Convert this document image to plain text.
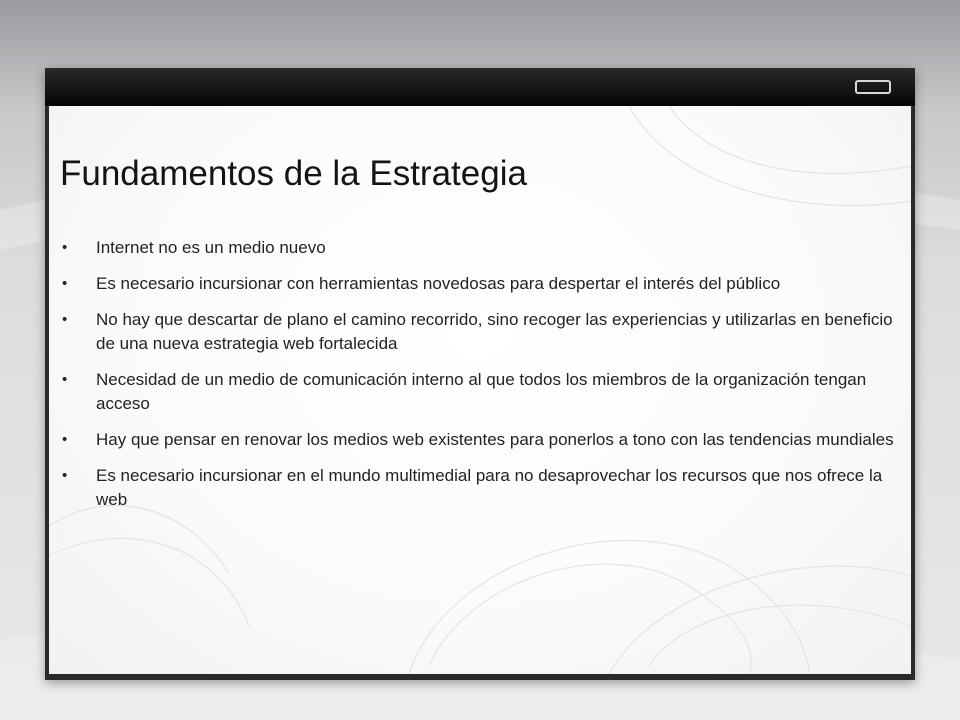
Fundamentos de la Estrategia
• Internet no es un medio nuevo
• Es necesario incursionar con herramientas novedosas para despertar el interés del público
• No hay que descartar de plano el camino recorrido, sino recoger las experiencias y utilizarlas en beneficio de una nueva estrategia web fortalecida
• Necesidad de un medio de comunicación interno al que todos los miembros de la organización tengan acceso
• Hay que pensar en renovar los medios web existentes para ponerlos a tono con las tendencias mundiales
• Es necesario incursionar en el mundo multimedial para no desaprovechar los recursos que nos ofrece la web
